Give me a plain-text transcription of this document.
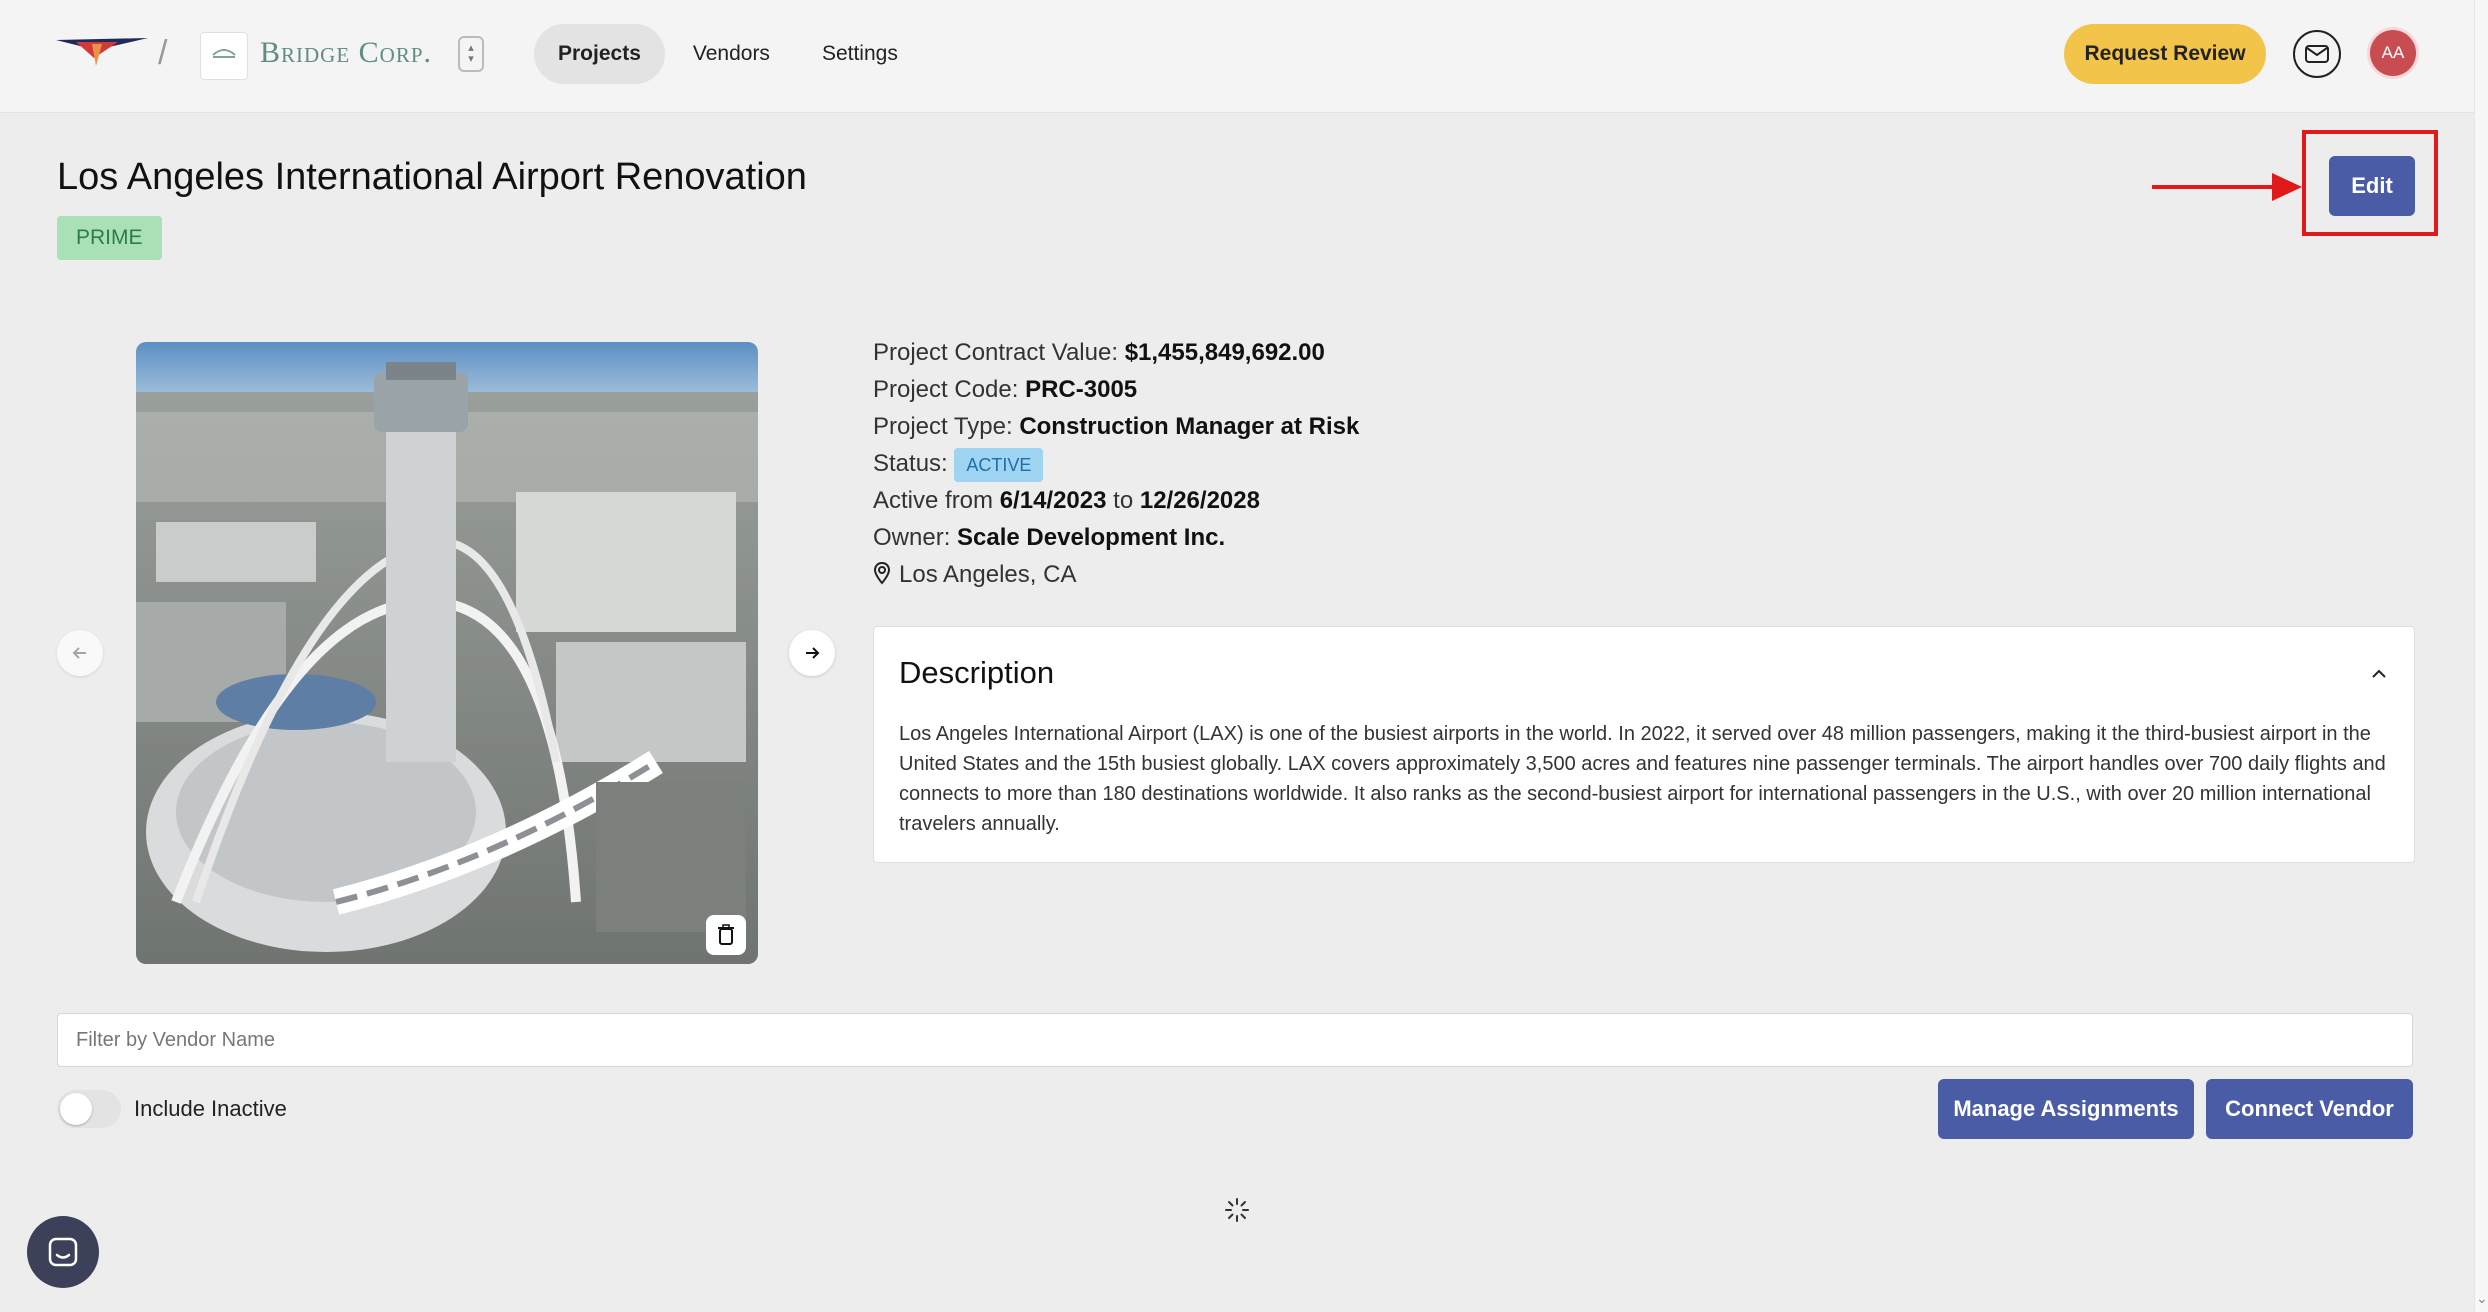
/	Bridge Corp.	▴
▾	Projects	Vendors	Settings	Request Review	AA
Los Angeles International Airport Renovation
PRIME
Edit
Project Contract Value: $1,455,849,692.00
Project Code: PRC-3005
Project Type: Construction Manager at Risk
Status: ACTIVE
Active from 6/14/2023 to 12/26/2028
Owner: Scale Development Inc.
Los Angeles, CA
Description
Los Angeles International Airport (LAX) is one of the busiest airports in the world. In 2022, it served over 48 million passengers, making it the third-busiest airport in the United States and the 15th busiest globally. LAX covers approximately 3,500 acres and features nine passenger terminals. The airport handles over 700 daily flights and connects to more than 180 destinations worldwide. It also ranks as the second-busiest airport for international passengers in the U.S., with over 20 million international travelers annually.
Filter by Vendor Name
Include Inactive	Manage Assignments	Connect Vendor
⌄
